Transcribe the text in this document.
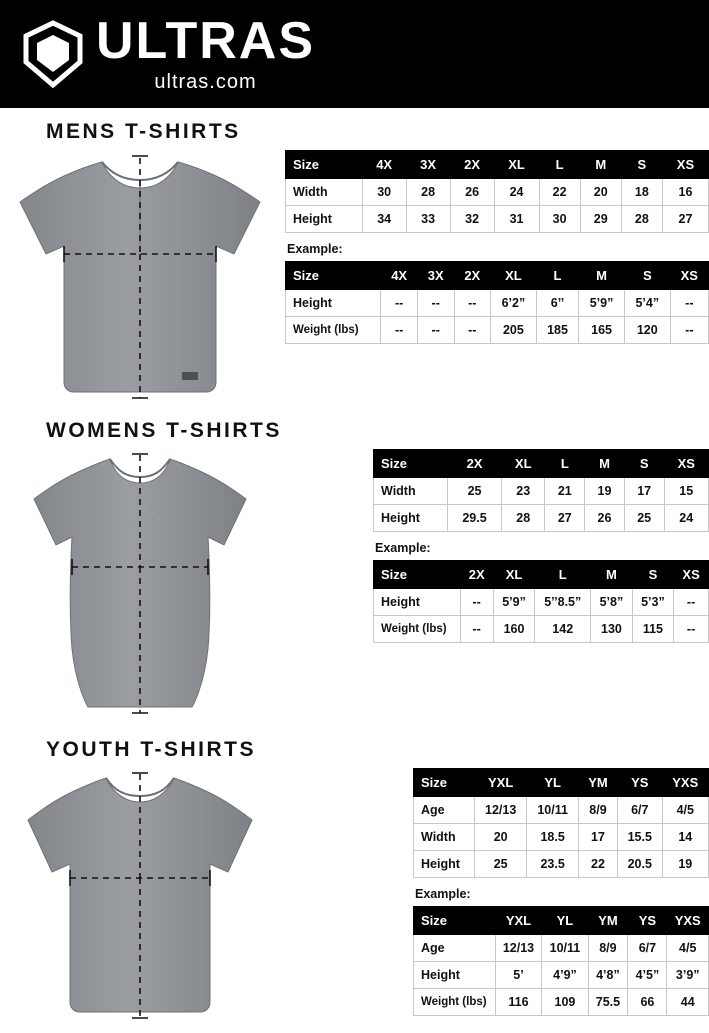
ULTRAS
ultras.com
MENS T-SHIRTS
Size	4X	3X	2X	XL	L	M	S	XS
Width	30	28	26	24	22	20	18	16
Height	34	33	32	31	30	29	28	27
Example:
Size	4X	3X	2X	XL	L	M	S	XS
Height	--	--	--	6’2”	6’’	5’9”	5’4”	--
Weight (lbs)	--	--	--	205	185	165	120	--
WOMENS T-SHIRTS
Size	2X	XL	L	M	S	XS
Width	25	23	21	19	17	15
Height	29.5	28	27	26	25	24
Example:
Size	2X	XL	L	M	S	XS
Height	--	5’9”	5’’8.5”	5’8”	5’3”	--
Weight (lbs)	--	160	142	130	115	--
YOUTH T-SHIRTS
Size	YXL	YL	YM	YS	YXS
Age	12/13	10/11	8/9	6/7	4/5
Width	20	18.5	17	15.5	14
Height	25	23.5	22	20.5	19
Example:
Size	YXL	YL	YM	YS	YXS
Age	12/13	10/11	8/9	6/7	4/5
Height	5’	4’9”	4’8”	4’5”	3’9”
Weight (lbs)	116	109	75.5	66	44
